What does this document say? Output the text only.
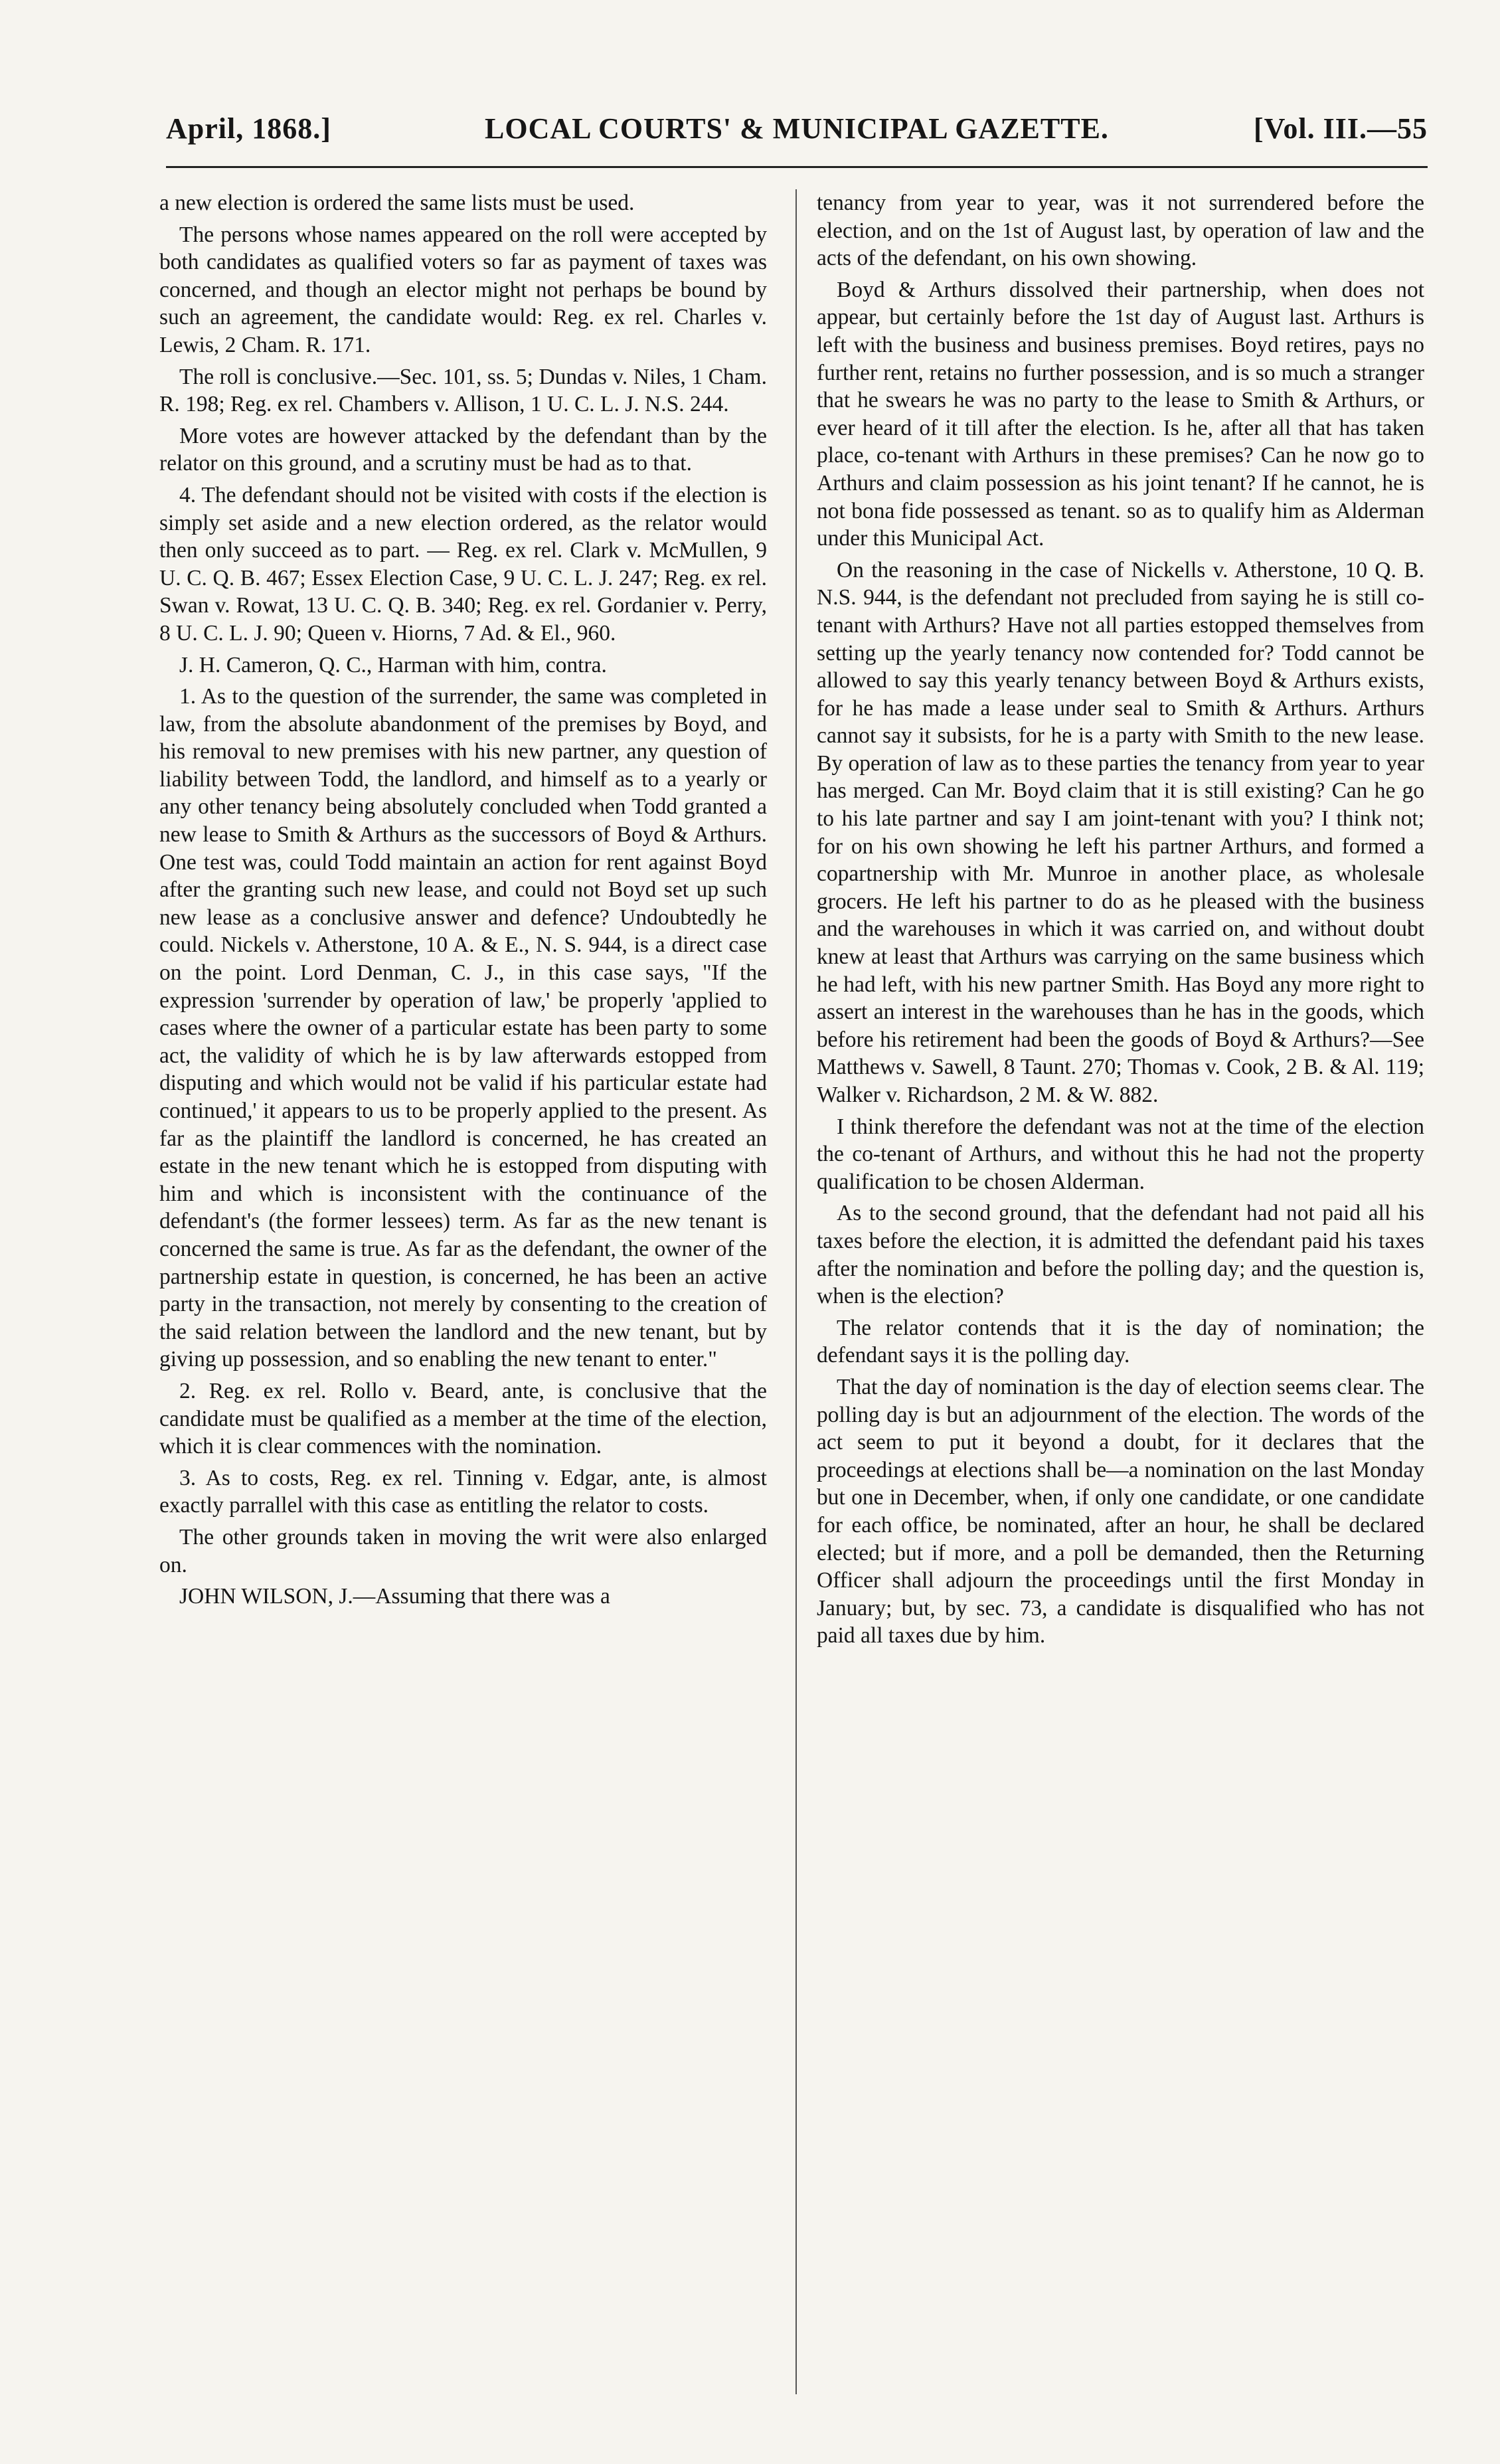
April, 1868.]	LOCAL COURTS' & MUNICIPAL GAZETTE.	[Vol. III.—55

a new election is ordered the same lists must be used.

The persons whose names appeared on the roll were accepted by both candidates as qualified voters so far as payment of taxes was concerned, and though an elector might not perhaps be bound by such an agreement, the candidate would: Reg. ex rel. Charles v. Lewis, 2 Cham. R. 171.

The roll is conclusive.—Sec. 101, ss. 5; Dundas v. Niles, 1 Cham. R. 198; Reg. ex rel. Chambers v. Allison, 1 U. C. L. J. N.S. 244.

More votes are however attacked by the defendant than by the relator on this ground, and a scrutiny must be had as to that.

4. The defendant should not be visited with costs if the election is simply set aside and a new election ordered, as the relator would then only succeed as to part. — Reg. ex rel. Clark v. McMullen, 9 U. C. Q. B. 467; Essex Election Case, 9 U. C. L. J. 247; Reg. ex rel. Swan v. Rowat, 13 U. C. Q. B. 340; Reg. ex rel. Gordanier v. Perry, 8 U. C. L. J. 90; Queen v. Hiorns, 7 Ad. & El., 960.

J. H. Cameron, Q. C., Harman with him, contra.

1. As to the question of the surrender, the same was completed in law, from the absolute abandonment of the premises by Boyd, and his removal to new premises with his new partner, any question of liability between Todd, the landlord, and himself as to a yearly or any other tenancy being absolutely concluded when Todd granted a new lease to Smith & Arthurs as the successors of Boyd & Arthurs. One test was, could Todd maintain an action for rent against Boyd after the granting such new lease, and could not Boyd set up such new lease as a conclusive answer and defence? Undoubtedly he could. Nickels v. Atherstone, 10 A. & E., N. S. 944, is a direct case on the point. Lord Denman, C. J., in this case says, "If the expression 'surrender by operation of law,' be properly 'applied to cases where the owner of a particular estate has been party to some act, the validity of which he is by law afterwards estopped from disputing and which would not be valid if his particular estate had continued,' it appears to us to be properly applied to the present. As far as the plaintiff the landlord is concerned, he has created an estate in the new tenant which he is estopped from disputing with him and which is inconsistent with the continuance of the defendant's (the former lessees) term. As far as the new tenant is concerned the same is true. As far as the defendant, the owner of the partnership estate in question, is concerned, he has been an active party in the transaction, not merely by consenting to the creation of the said relation between the landlord and the new tenant, but by giving up possession, and so enabling the new tenant to enter."

2. Reg. ex rel. Rollo v. Beard, ante, is conclusive that the candidate must be qualified as a member at the time of the election, which it is clear commences with the nomination.

3. As to costs, Reg. ex rel. Tinning v. Edgar, ante, is almost exactly parrallel with this case as entitling the relator to costs.

The other grounds taken in moving the writ were also enlarged on.

JOHN WILSON, J.—Assuming that there was a

tenancy from year to year, was it not surrendered before the election, and on the 1st of August last, by operation of law and the acts of the defendant, on his own showing.

Boyd & Arthurs dissolved their partnership, when does not appear, but certainly before the 1st day of August last. Arthurs is left with the business and business premises. Boyd retires, pays no further rent, retains no further possession, and is so much a stranger that he swears he was no party to the lease to Smith & Arthurs, or ever heard of it till after the election. Is he, after all that has taken place, co-tenant with Arthurs in these premises? Can he now go to Arthurs and claim possession as his joint tenant? If he cannot, he is not bona fide possessed as tenant. so as to qualify him as Alderman under this Municipal Act.

On the reasoning in the case of Nickells v. Atherstone, 10 Q. B. N.S. 944, is the defendant not precluded from saying he is still co-tenant with Arthurs? Have not all parties estopped themselves from setting up the yearly tenancy now contended for? Todd cannot be allowed to say this yearly tenancy between Boyd & Arthurs exists, for he has made a lease under seal to Smith & Arthurs. Arthurs cannot say it subsists, for he is a party with Smith to the new lease. By operation of law as to these parties the tenancy from year to year has merged. Can Mr. Boyd claim that it is still existing? Can he go to his late partner and say I am joint-tenant with you? I think not; for on his own showing he left his partner Arthurs, and formed a copartnership with Mr. Munroe in another place, as wholesale grocers. He left his partner to do as he pleased with the business and the warehouses in which it was carried on, and without doubt knew at least that Arthurs was carrying on the same business which he had left, with his new partner Smith. Has Boyd any more right to assert an interest in the warehouses than he has in the goods, which before his retirement had been the goods of Boyd & Arthurs?—See Matthews v. Sawell, 8 Taunt. 270; Thomas v. Cook, 2 B. & Al. 119; Walker v. Richardson, 2 M. & W. 882.

I think therefore the defendant was not at the time of the election the co-tenant of Arthurs, and without this he had not the property qualification to be chosen Alderman.

As to the second ground, that the defendant had not paid all his taxes before the election, it is admitted the defendant paid his taxes after the nomination and before the polling day; and the question is, when is the election?

The relator contends that it is the day of nomination; the defendant says it is the polling day.

That the day of nomination is the day of election seems clear. The polling day is but an adjournment of the election. The words of the act seem to put it beyond a doubt, for it declares that the proceedings at elections shall be—a nomination on the last Monday but one in December, when, if only one candidate, or one candidate for each office, be nominated, after an hour, he shall be declared elected; but if more, and a poll be demanded, then the Returning Officer shall adjourn the proceedings until the first Monday in January; but, by sec. 73, a candidate is disqualified who has not paid all taxes due by him.
